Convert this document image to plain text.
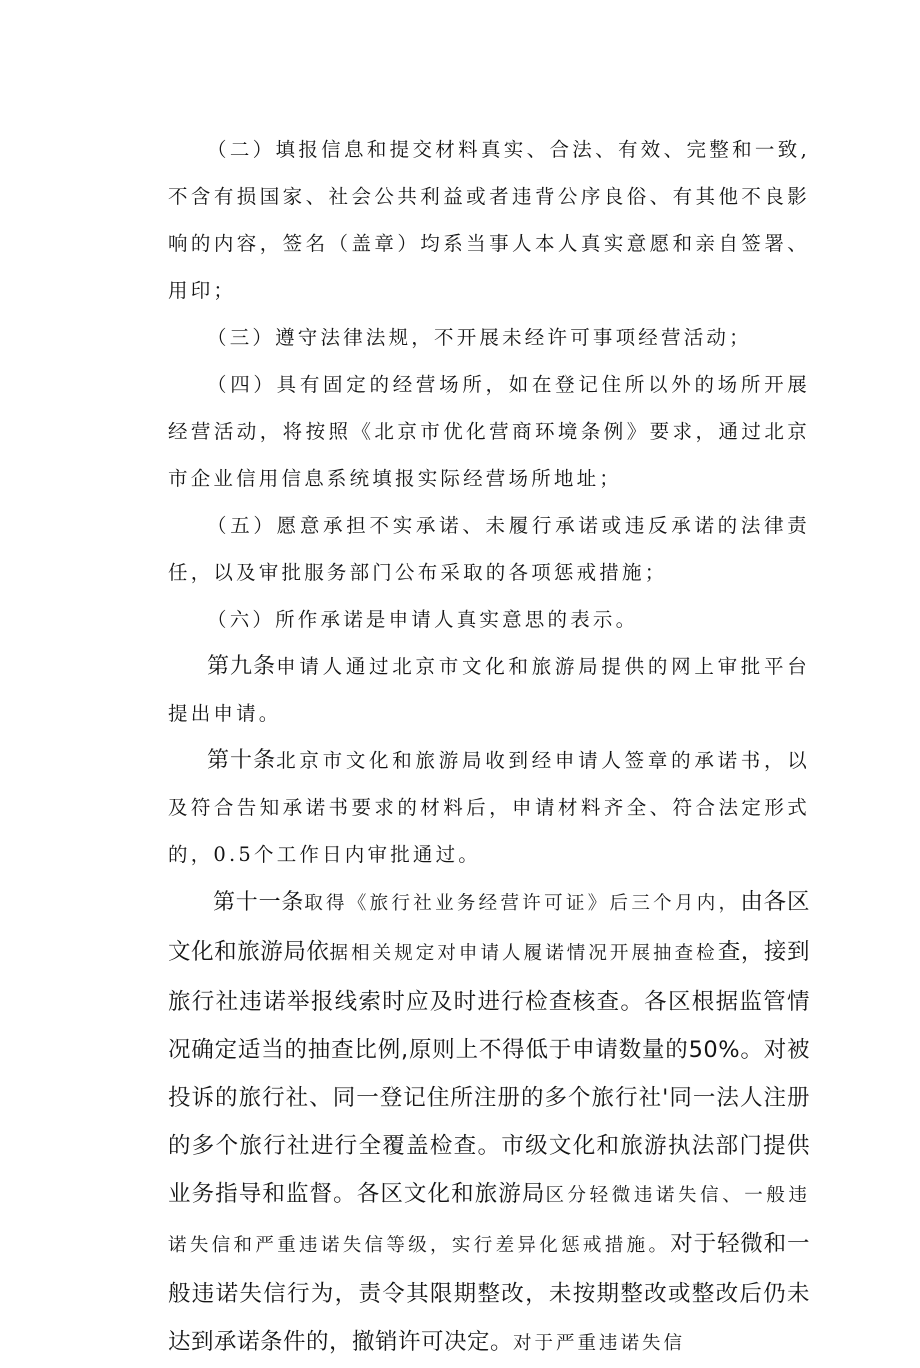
（二）填报信息和提交材料真实、合法、有效、完整和一致,不含有损国家、社会公共利益或者违背公序良俗、有其他不良影响的内容，签名（盖章）均系当事人本人真实意愿和亲自签署、用印；

（三）遵守法律法规，不开展未经许可事项经营活动；

（四）具有固定的经营场所，如在登记住所以外的场所开展经营活动，将按照《北京市优化营商环境条例》要求，通过北京市企业信用信息系统填报实际经营场所地址；

（五）愿意承担不实承诺、未履行承诺或违反承诺的法律责任，以及审批服务部门公布采取的各项惩戒措施；

（六）所作承诺是申请人真实意思的表示。

第九条申请人通过北京市文化和旅游局提供的网上审批平台提出申请。

第十条北京市文化和旅游局收到经申请人签章的承诺书，以及符合告知承诺书要求的材料后，申请材料齐全、符合法定形式的，0.5个工作日内审批通过。

第十一条取得《旅行社业务经营许可证》后三个月内，由各区文化和旅游局依据相关规定对申请人履诺情况开展抽查检查，接到旅行社违诺举报线索时应及时进行检查核查。各区根据监管情况确定适当的抽查比例,原则上不得低于申请数量的50%。对被投诉的旅行社、同一登记住所注册的多个旅行社'同一法人注册的多个旅行社进行全覆盖检查。市级文化和旅游执法部门提供业务指导和监督。各区文化和旅游局区分轻微违诺失信、一般违诺失信和严重违诺失信等级，实行差异化惩戒措施。对于轻微和一般违诺失信行为，责令其限期整改，未按期整改或整改后仍未达到承诺条件的，撤销许可决定。对于严重违诺失信
